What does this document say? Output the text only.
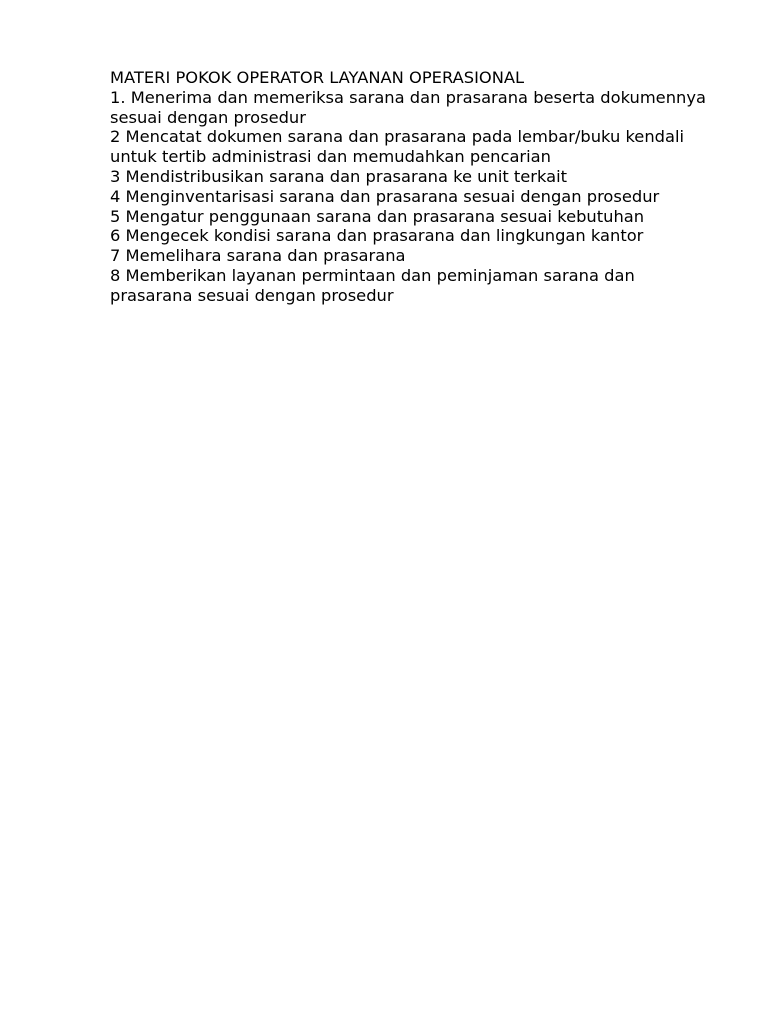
MATERI POKOK OPERATOR LAYANAN OPERASIONAL
1. Menerima dan memeriksa sarana dan prasarana beserta dokumennya sesuai dengan prosedur
2 Mencatat dokumen sarana dan prasarana pada lembar/buku kendali untuk tertib administrasi dan memudahkan pencarian
3 Mendistribusikan sarana dan prasarana ke unit terkait
4 Menginventarisasi sarana dan prasarana sesuai dengan prosedur
5 Mengatur penggunaan sarana dan prasarana sesuai kebutuhan
6 Mengecek kondisi sarana dan prasarana dan lingkungan kantor
7 Memelihara sarana dan prasarana
8 Memberikan layanan permintaan dan peminjaman sarana dan prasarana sesuai dengan prosedur
